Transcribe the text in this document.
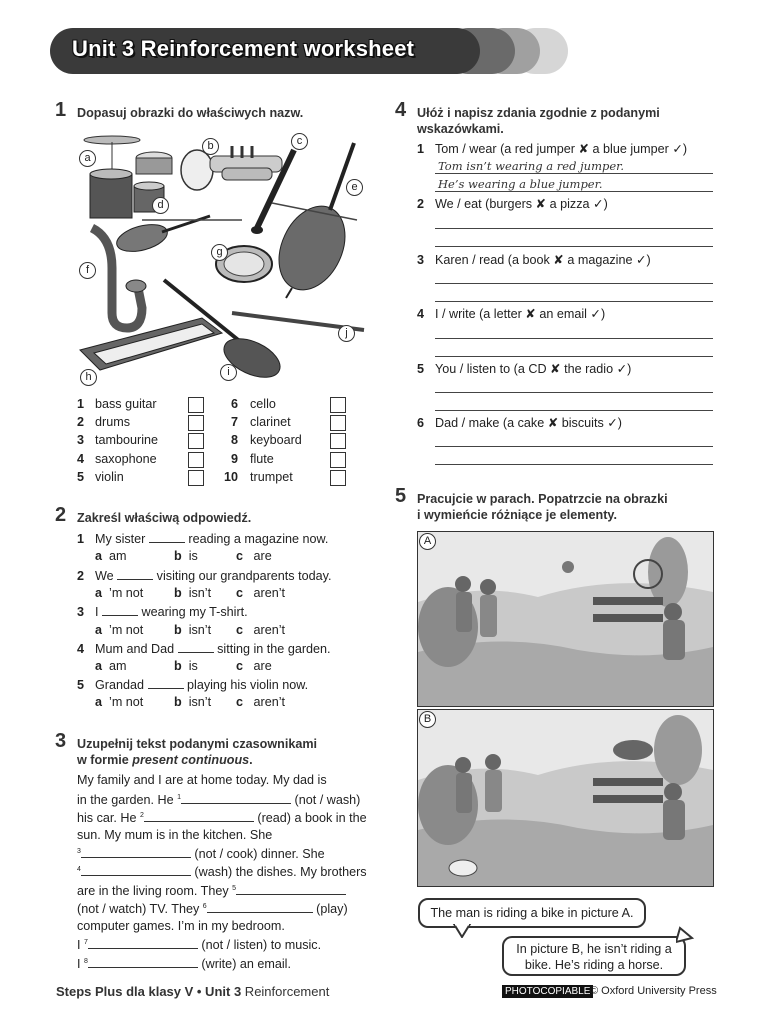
Unit 3 Reinforcement worksheet
1 Dopasuj obrazki do właściwych nazw.
a
b	c
d
e
f
g
h	i
j
1 bass guitar
2 drums
3 tambourine
4 saxophone
5 violin
6 cello
7 clarinet
8 keyboard
9 flute
10 trumpet
2 Zakreśl właściwą odpowiedź.
1 My sister	reading a magazine now.
a am	b is	c are
2 We	visiting our grandparents today.
a ’m not b isn’t c aren’t
3 I	wearing my T-shirt.
a ’m not b isn’t c aren’t
4 Mum and Dad	sitting in the garden.
a am	b is	c are
5 Grandad	playing his violin now.
a ’m not b isn’t c aren’t
3 Uzupełnij tekst podanymi czasownikami
w formie present continuous.
My family and I are at home today. My dad is
in the garden. He $^1$	(not / wash)
his car. He $^2$	(read) a book in the
sun. My mum is in the kitchen. She
$^3$	(not / cook) dinner. She
$^4$	(wash) the dishes. My brothers
are in the living room. They $^5$
(not / watch) TV. They $^6$	(play)
computer games. I’m in my bedroom.
I $^7$	(not / listen) to music.
I $^8$	(write) an email.
4 Ułóż i napisz zdania zgodnie z podanymi
wskazówkami.
1 Tom / wear (a red jumper ✘ a blue jumper ✓)
Tom isn’t wearing a red jumper.
He’s wearing a blue jumper.
2 We / eat (burgers ✘ a pizza ✓)
3 Karen / read (a book ✘ a magazine ✓)
4 I / write (a letter ✘ an email ✓)
5 You / listen to (a CD ✘ the radio ✓)
6 Dad / make (a cake ✘ biscuits ✓)
5 Pracujcie w parach. Popatrzcie na obrazki
i wymieńcie różniące je elementy.
A
B
The man is riding a bike in picture A.
In picture B, he isn’t riding a
bike. He’s riding a horse.
Steps Plus dla klasy V • Unit 3 Reinforcement	PHOTOCOPIABLE © Oxford University Press
